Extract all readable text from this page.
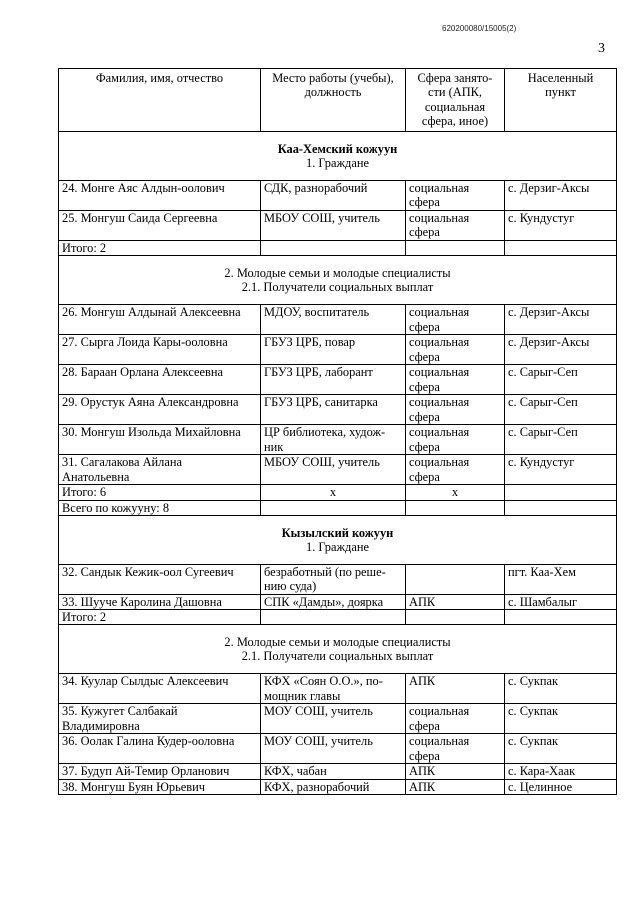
620200080/15005(2)
3
Фамилия, имя, отчество	Место работы (учебы),
должность	Сфера занято-
сти (АПК,
социальная
сфера, иное)	Населенный
пункт

Каа-Хемский кожуун
1. Граждане			

24. Монге Аяс Алдын-оолович	СДК, разнорабочий	социальная
сфера	с. Дерзиг-Аксы
25. Монгуш Саида Сергеевна	МБОУ СОШ, учитель	социальная
сфера	с. Кундустуг
Итого: 2			

2. Молодые семьи и молодые специалисты
2.1. Получатели социальных выплат			

26. Монгуш Алдынай Алексеевна	МДОУ, воспитатель	социальная
сфера	с. Дерзиг-Аксы
27. Сырга Лоида Кары-ооловна	ГБУЗ ЦРБ, повар	социальная
сфера	с. Дерзиг-Аксы
28. Бараан Орлана Алексеевна	ГБУЗ ЦРБ, лаборант	социальная
сфера	с. Сарыг-Сеп
29. Орустук Аяна Александровна	ГБУЗ ЦРБ, санитарка	социальная
сфера	с. Сарыг-Сеп
30. Монгуш Изольда Михайловна	ЦР библиотека, худож-
ник	социальная
сфера	с. Сарыг-Сеп
31. Сагалакова Айлана
Анатольевна	МБОУ СОШ, учитель	социальная
сфера	с. Кундустуг
Итого: 6	х	х	
Всего по кожууну: 8			

Кызылский кожуун
1. Граждане			

32. Сандык Кежик-оол Сугеевич	безработный (по реше-
нию суда)		пгт. Каа-Хем
33. Шууче Каролина Дашовна	СПК «Дамды», доярка	АПК	с. Шамбалыг
Итого: 2			

2. Молодые семьи и молодые специалисты
2.1. Получатели социальных выплат			

34. Куулар Сылдыс Алексеевич	КФХ «Соян О.О.», по-
мощник главы	АПК	с. Сукпак
35. Кужугет Салбакай
Владимировна	МОУ СОШ, учитель	социальная
сфера	с. Сукпак
36. Оолак Галина Кудер-ооловна	МОУ СОШ, учитель	социальная
сфера	с. Сукпак
37. Будуп Ай-Темир Орланович	КФХ, чабан	АПК	с. Кара-Хаак
38. Монгуш Буян Юрьевич	КФХ, разнорабочий	АПК	с. Целинное
